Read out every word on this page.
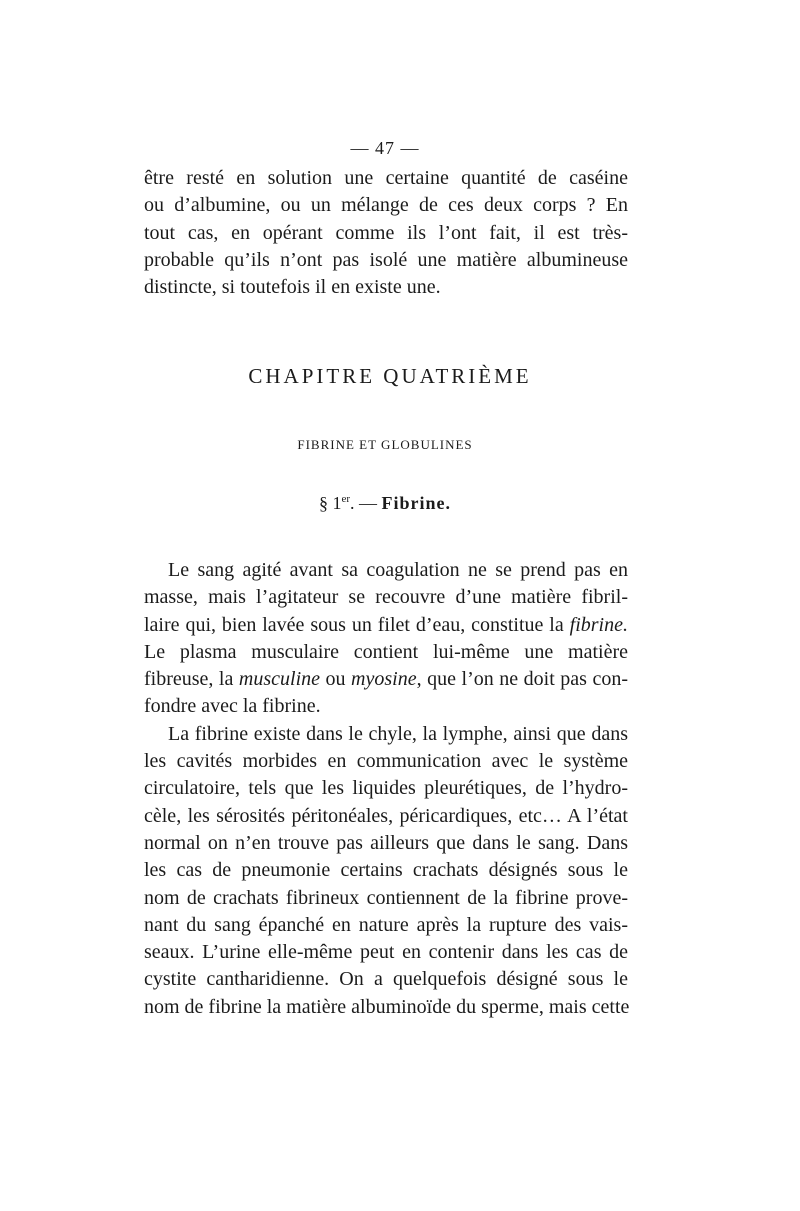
— 47 —
être resté en solution une certaine quantité de caséine
ou d’albumine, ou un mélange de ces deux corps ? En
tout cas, en opérant comme ils l’ont fait, il est très-
probable qu’ils n’ont pas isolé une matière albumineuse
distincte, si toutefois il en existe une.
CHAPITRE QUATRIÈME
FIBRINE ET GLOBULINES
§ 1er. — Fibrine.
Le sang agité avant sa coagulation ne se prend pas en
masse, mais l’agitateur se recouvre d’une matière fibril-
laire qui, bien lavée sous un filet d’eau, constitue la fibrine.
Le plasma musculaire contient lui-même une matière
fibreuse, la musculine ou myosine, que l’on ne doit pas con-
fondre avec la fibrine.
La fibrine existe dans le chyle, la lymphe, ainsi que dans
les cavités morbides en communication avec le système
circulatoire, tels que les liquides pleurétiques, de l’hydro-
cèle, les sérosités péritonéales, péricardiques, etc… A l’état
normal on n’en trouve pas ailleurs que dans le sang. Dans
les cas de pneumonie certains crachats désignés sous le
nom de crachats fibrineux contiennent de la fibrine prove-
nant du sang épanché en nature après la rupture des vais-
seaux. L’urine elle-même peut en contenir dans les cas de
cystite cantharidienne. On a quelquefois désigné sous le
nom de fibrine la matière albuminoïde du sperme, mais cette
